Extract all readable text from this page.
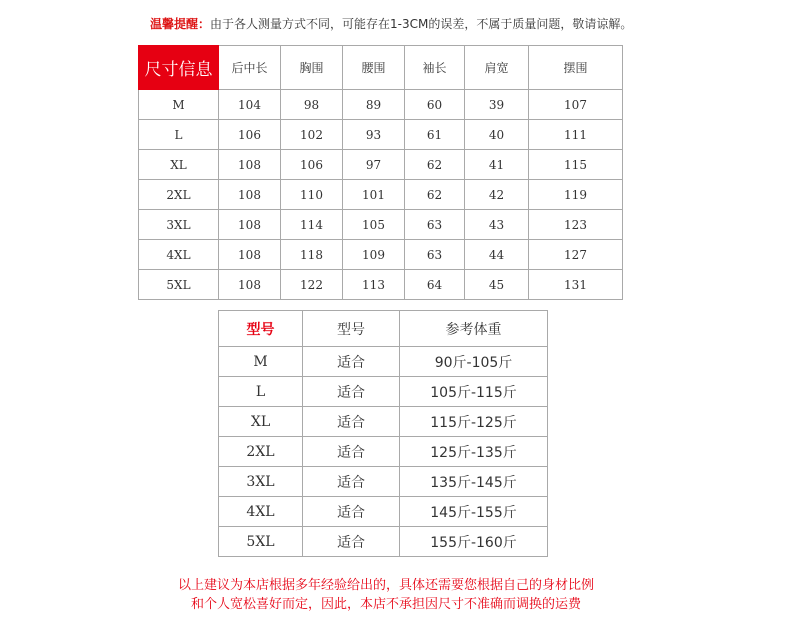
温馨提醒：由于各人测量方式不同，可能存在1-3CM的误差，不属于质量问题，敬请谅解。
尺寸信息	后中长	胸围	腰围	袖长	肩宽	摆围
M	104	98	89	60	39	107
L	106	102	93	61	40	111
XL	108	106	97	62	41	115
2XL	108	110	101	62	42	119
3XL	108	114	105	63	43	123
4XL	108	118	109	63	44	127
5XL	108	122	113	64	45	131
型号	型号	参考体重
M	适合	90斤-105斤
L	适合	105斤-115斤
XL	适合	115斤-125斤
2XL	适合	125斤-135斤
3XL	适合	135斤-145斤
4XL	适合	145斤-155斤
5XL	适合	155斤-160斤
以上建议为本店根据多年经验给出的，具体还需要您根据自己的身材比例
和个人宽松喜好而定，因此，本店不承担因尺寸不准确而调换的运费
